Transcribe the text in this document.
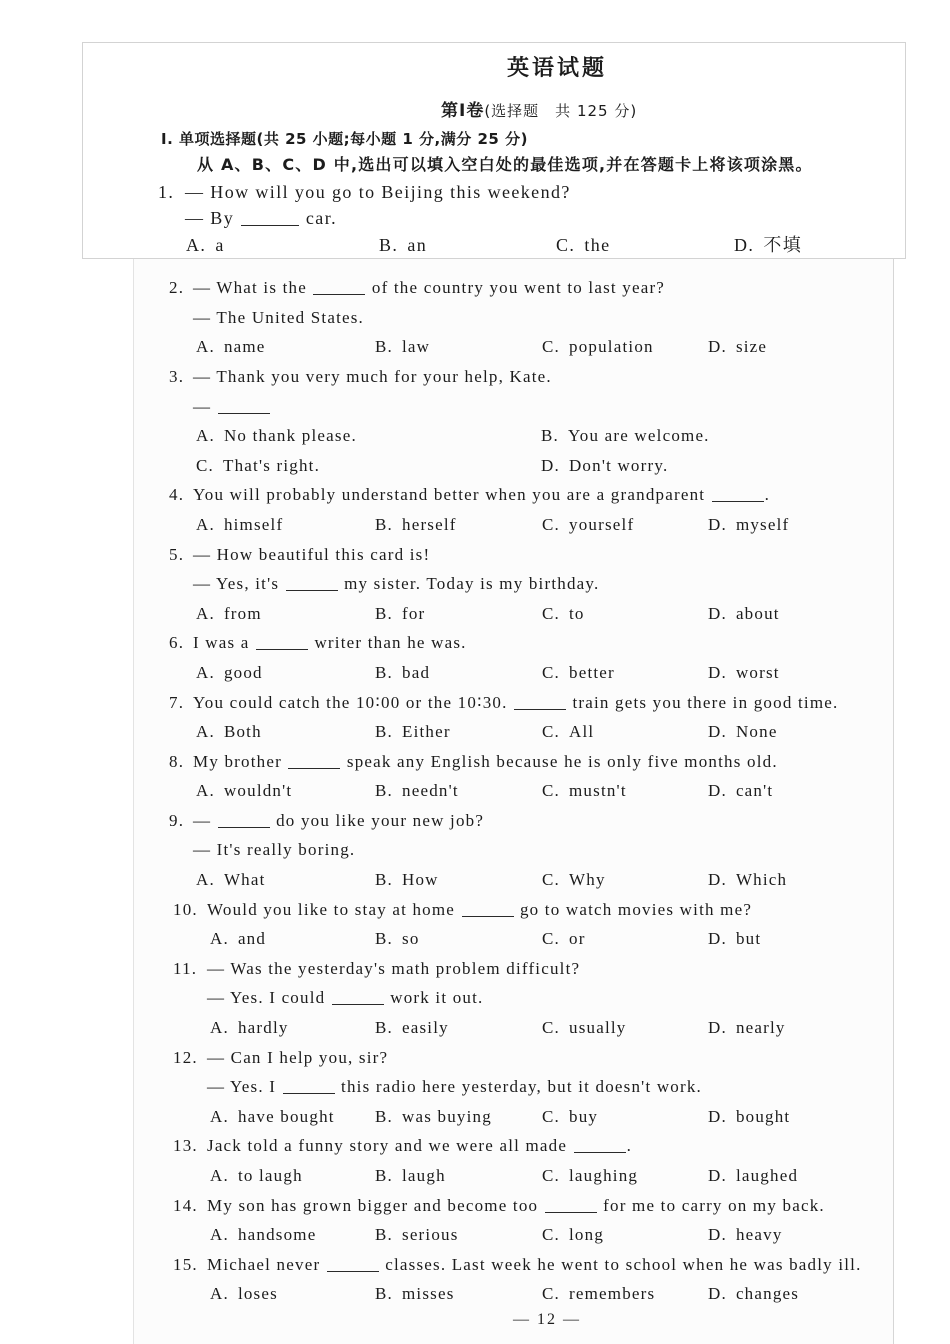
英语试题
第Ⅰ卷(选择题　共 125 分)
Ⅰ. 单项选择题(共 25 小题;每小题 1 分,满分 25 分)
从 A、B、C、D 中,选出可以填入空白处的最佳选项,并在答题卡上将该项涂黑。
1. — How will you go to Beijing this weekend?
— By	car.
A. a	B. an	C. the	D. 不填
2. — What is the	of the country you went to last year?
— The United States.
A. name	B. law	C. population	D. size
3. — Thank you very much for your help, Kate.
—
A. No thank please.	B. You are welcome.
C. That's right.	D. Don't worry.
4. You will probably understand better when you are a grandparent	.
A. himself	B. herself	C. yourself	D. myself
5. — How beautiful this card is!
— Yes, it's	my sister. Today is my birthday.
A. from	B. for	C. to	D. about
6. I was a	writer than he was.
A. good	B. bad	C. better	D. worst
7. You could catch the 10∶00 or the 10∶30.	train gets you there in good time.
A. Both	B. Either	C. All	D. None
8. My brother	speak any English because he is only five months old.
A. wouldn't	B. needn't	C. mustn't	D. can't
9. —	do you like your new job?
— It's really boring.
A. What	B. How	C. Why	D. Which
10. Would you like to stay at home	go to watch movies with me?
A. and	B. so	C. or	D. but
11. — Was the yesterday's math problem difficult?
— Yes. I could	work it out.
A. hardly	B. easily	C. usually	D. nearly
12. — Can I help you, sir?
— Yes. I	this radio here yesterday, but it doesn't work.
A. have bought B. was buying	C. buy	D. bought
13. Jack told a funny story and we were all made	.
A. to laugh	B. laugh	C. laughing	D. laughed
14. My son has grown bigger and become too	for me to carry on my back.
A. handsome	B. serious	C. long	D. heavy
15. Michael never	classes. Last week he went to school when he was badly ill.
A. loses	B. misses	C. remembers	D. changes
— 12 —
